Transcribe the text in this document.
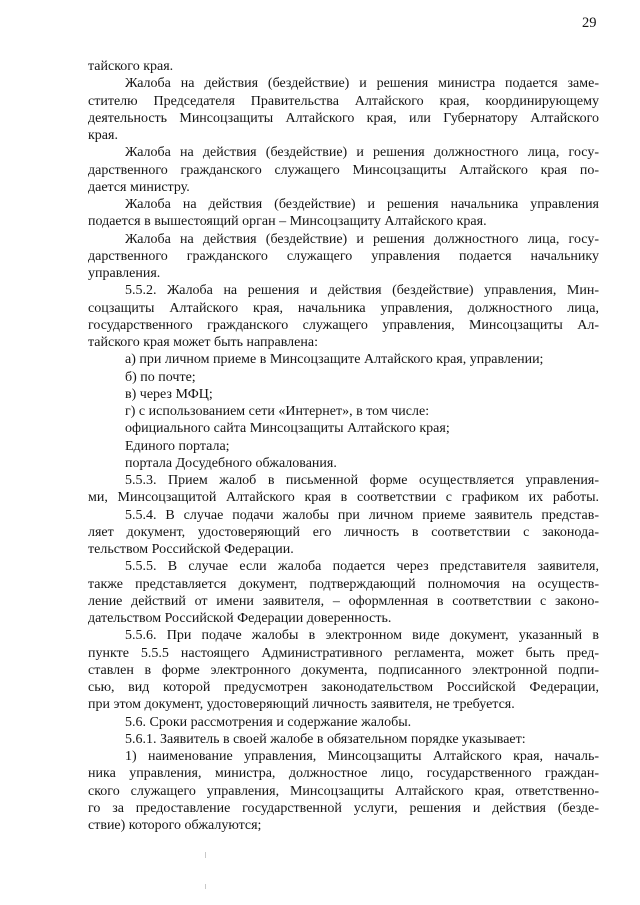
29
тайского края.
Жалоба на действия (бездействие) и решения министра подается заме-
стителю Председателя Правительства Алтайского края, координирующему
деятельность Минсоцзащиты Алтайского края, или Губернатору Алтайского
края.
Жалоба на действия (бездействие) и решения должностного лица, госу-
дарственного гражданского служащего Минсоцзащиты Алтайского края по-
дается министру.
Жалоба на действия (бездействие) и решения начальника управления
подается в вышестоящий орган – Минсоцзащиту Алтайского края.
Жалоба на действия (бездействие) и решения должностного лица, госу-
дарственного гражданского служащего управления подается начальнику
управления.
5.5.2. Жалоба на решения и действия (бездействие) управления, Мин-
соцзащиты Алтайского края, начальника управления, должностного лица,
государственного гражданского служащего управления, Минсоцзащиты Ал-
тайского края может быть направлена:
а) при личном приеме в Минсоцзащите Алтайского края, управлении;
б) по почте;
в) через МФЦ;
г) с использованием сети «Интернет», в том числе:
официального сайта Минсоцзащиты Алтайского края;
Единого портала;
портала Досудебного обжалования.
5.5.3. Прием жалоб в письменной форме осуществляется управления-
ми, Минсоцзащитой Алтайского края в соответствии с графиком их работы.
5.5.4. В случае подачи жалобы при личном приеме заявитель представ-
ляет документ, удостоверяющий его личность в соответствии с законода-
тельством Российской Федерации.
5.5.5. В случае если жалоба подается через представителя заявителя,
также представляется документ, подтверждающий полномочия на осуществ-
ление действий от имени заявителя, – оформленная в соответствии с законо-
дательством Российской Федерации доверенность.
5.5.6. При подаче жалобы в электронном виде документ, указанный в
пункте 5.5.5 настоящего Административного регламента, может быть пред-
ставлен в форме электронного документа, подписанного электронной подпи-
сью, вид которой предусмотрен законодательством Российской Федерации,
при этом документ, удостоверяющий личность заявителя, не требуется.
5.6. Сроки рассмотрения и содержание жалобы.
5.6.1. Заявитель в своей жалобе в обязательном порядке указывает:
1) наименование управления, Минсоцзащиты Алтайского края, началь-
ника управления, министра, должностное лицо, государственного граждан-
ского служащего управления, Минсоцзащиты Алтайского края, ответственно-
го за предоставление государственной услуги, решения и действия (безде-
ствие) которого обжалуются;
